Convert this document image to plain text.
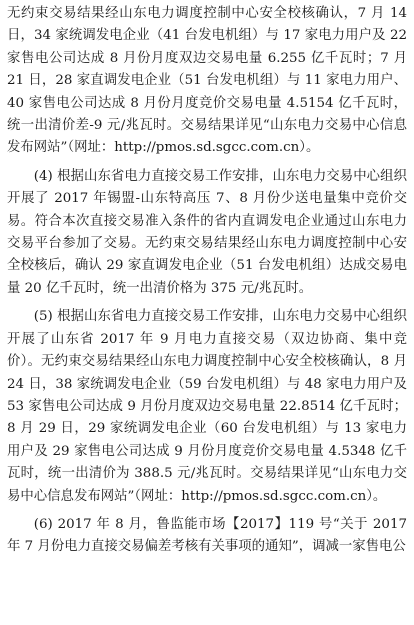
无约束交易结果经山东电力调度控制中心安全校核确认，7 月 14 日，34 家统调发电企业（41 台发电机组）与 17 家电力用户及 22 家售电公司达成 8 月份月度双边交易电量 6.255 亿千瓦时；7 月 21 日，28 家直调发电企业（51 台发电机组）与 11 家电力用户、40 家售电公司达成 8 月份月度竞价交易电量 4.5154 亿千瓦时，统一出清价差-9 元/兆瓦时。交易结果详见“山东电力交易中心信息发布网站”（网址：http://pmos.sd.sgcc.com.cn）。

(4) 根据山东省电力直接交易工作安排，山东电力交易中心组织开展了 2017 年锡盟-山东特高压 7、8 月份少送电量集中竞价交易。符合本次直接交易准入条件的省内直调发电企业通过山东电力交易平台参加了交易。无约束交易结果经山东电力调度控制中心安全校核后，确认 29 家直调发电企业（51 台发电机组）达成交易电量 20 亿千瓦时，统一出清价格为 375 元/兆瓦时。

(5) 根据山东省电力直接交易工作安排，山东电力交易中心组织开展了山东省 2017 年 9 月电力直接交易（双边协商、集中竞价）。无约束交易结果经山东电力调度控制中心安全校核确认，8 月 24 日，38 家统调发电企业（59 台发电机组）与 48 家电力用户及 53 家售电公司达成 9 月份月度双边交易电量 22.8514 亿千瓦时；8 月 29 日，29 家统调发电企业（60 台发电机组）与 13 家电力用户及 29 家售电公司达成 9 月份月度竞价交易电量 4.5348 亿千瓦时，统一出清价为 388.5 元/兆瓦时。交易结果详见“山东电力交易中心信息发布网站”（网址：http://pmos.sd.sgcc.com.cn）。

(6) 2017 年 8 月，鲁监能市场【2017】119 号“关于 2017 年 7 月份电力直接交易偏差考核有关事项的通知”，调减一家售电公
